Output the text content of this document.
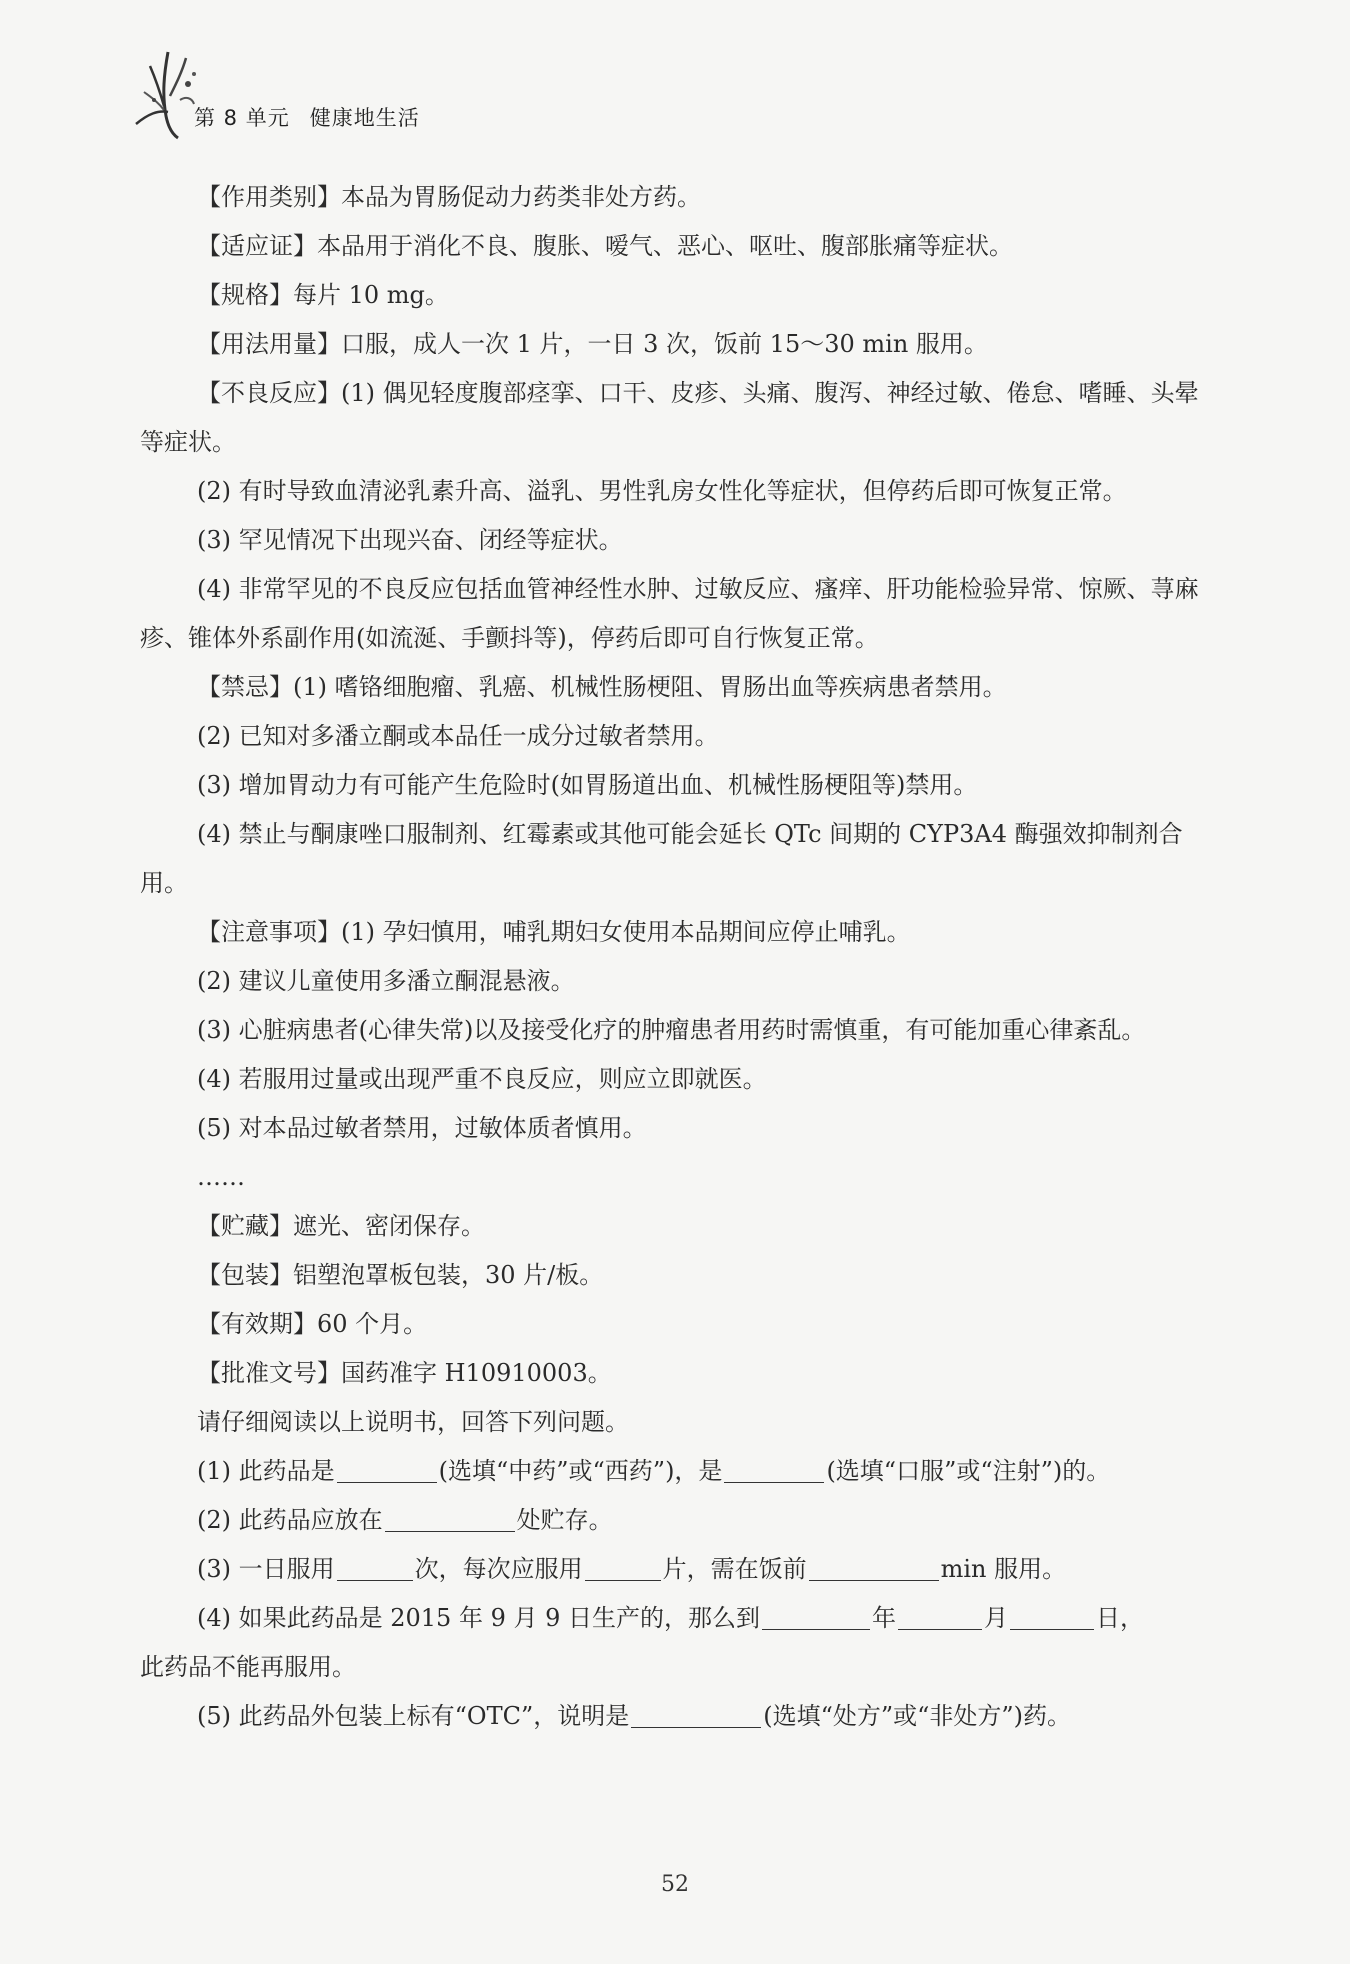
第 8 单元 健康地生活

【作用类别】本品为胃肠促动力药类非处方药。

【适应证】本品用于消化不良、腹胀、嗳气、恶心、呕吐、腹部胀痛等症状。

【规格】每片 10 mg。

【用法用量】口服，成人一次 1 片，一日 3 次，饭前 15～30 min 服用。

【不良反应】(1) 偶见轻度腹部痉挛、口干、皮疹、头痛、腹泻、神经过敏、倦怠、嗜睡、头晕等症状。

(2) 有时导致血清泌乳素升高、溢乳、男性乳房女性化等症状，但停药后即可恢复正常。

(3) 罕见情况下出现兴奋、闭经等症状。

(4) 非常罕见的不良反应包括血管神经性水肿、过敏反应、瘙痒、肝功能检验异常、惊厥、荨麻疹、锥体外系副作用(如流涎、手颤抖等)，停药后即可自行恢复正常。

【禁忌】(1) 嗜铬细胞瘤、乳癌、机械性肠梗阻、胃肠出血等疾病患者禁用。

(2) 已知对多潘立酮或本品任一成分过敏者禁用。

(3) 增加胃动力有可能产生危险时(如胃肠道出血、机械性肠梗阻等)禁用。

(4) 禁止与酮康唑口服制剂、红霉素或其他可能会延长 QTc 间期的 CYP3A4 酶强效抑制剂合用。

【注意事项】(1) 孕妇慎用，哺乳期妇女使用本品期间应停止哺乳。

(2) 建议儿童使用多潘立酮混悬液。

(3) 心脏病患者(心律失常)以及接受化疗的肿瘤患者用药时需慎重，有可能加重心律紊乱。

(4) 若服用过量或出现严重不良反应，则应立即就医。

(5) 对本品过敏者禁用，过敏体质者慎用。

……

【贮藏】遮光、密闭保存。

【包装】铝塑泡罩板包装，30 片/板。

【有效期】60 个月。

【批准文号】国药准字 H10910003。

请仔细阅读以上说明书，回答下列问题。

(1) 此药品是	(选填“中药”或“西药”)，是	(选填“口服”或“注射”)的。

(2) 此药品应放在	处贮存。

(3) 一日服用	次，每次应服用	片，需在饭前	min 服用。

(4) 如果此药品是 2015 年 9 月 9 日生产的，那么到	年	月	日，

此药品不能再服用。

(5) 此药品外包装上标有“OTC”，说明是	(选填“处方”或“非处方”)药。

52
